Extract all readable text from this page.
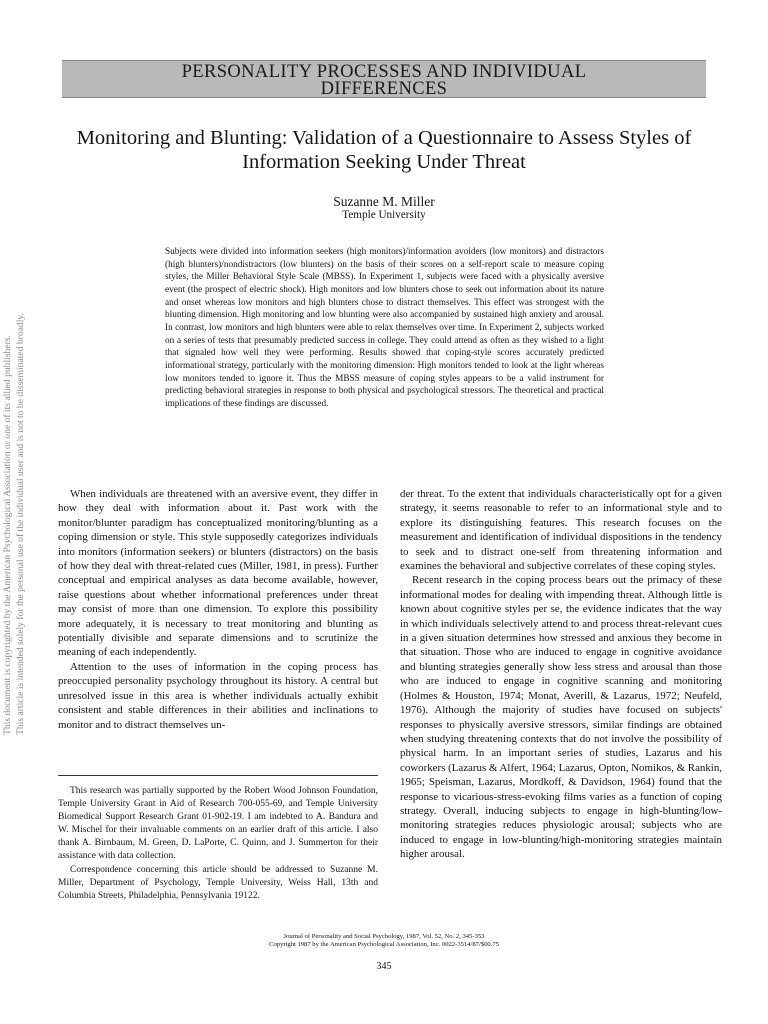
PERSONALITY PROCESSES AND INDIVIDUAL
DIFFERENCES
Monitoring and Blunting: Validation of a Questionnaire to Assess Styles of Information Seeking Under Threat
Suzanne M. Miller
Temple University

Subjects were divided into information seekers (high monitors)/information avoiders (low monitors) and distractors (high blunters)/nondistractors (low blunters) on the basis of their scores on a self-report scale to measure coping styles, the Miller Behavioral Style Scale (MBSS). In Experiment 1, subjects were faced with a physically aversive event (the prospect of electric shock). High monitors and low blunters chose to seek out information about its nature and onset whereas low monitors and high blunters chose to distract themselves. This effect was strongest with the blunting dimension. High monitoring and low blunting were also accompanied by sustained high anxiety and arousal. In contrast, low monitors and high blunters were able to relax themselves over time. In Experiment 2, subjects worked on a series of tests that presumably predicted success in college. They could attend as often as they wished to a light that signaled how well they were performing. Results showed that coping-style scores accurately predicted informational strategy, particularly with the monitoring dimension: High monitors tended to look at the light whereas low monitors tended to ignore it. Thus the MBSS measure of coping styles appears to be a valid instrument for predicting behavioral strategies in response to both physical and psychological stressors. The theoretical and practical implications of these findings are discussed.

When individuals are threatened with an aversive event, they differ in how they deal with information about it. Past work with the monitor/blunter paradigm has conceptualized monitoring/blunting as a coping dimension or style. This style supposedly categorizes individuals into monitors (information seekers) or blunters (distractors) on the basis of how they deal with threat-related cues (Miller, 1981, in press). Further conceptual and empirical analyses as data become available, however, raise questions about whether informational preferences under threat may consist of more than one dimension. To explore this possibility more adequately, it is necessary to treat monitoring and blunting as potentially divisible and separate dimensions and to scrutinize the meaning of each independently.

Attention to the uses of information in the coping process has preoccupied personality psychology throughout its history. A central but unresolved issue in this area is whether individuals actually exhibit consistent and stable differences in their abilities and inclinations to monitor and to distract themselves un-

der threat. To the extent that individuals characteristically opt for a given strategy, it seems reasonable to refer to an informational style and to explore its distinguishing features. This research focuses on the measurement and identification of individual dispositions in the tendency to seek and to distract one-self from threatening information and examines the behavioral and subjective correlates of these coping styles.

Recent research in the coping process bears out the primacy of these informational modes for dealing with impending threat. Although little is known about cognitive styles per se, the evidence indicates that the way in which individuals selectively attend to and process threat-relevant cues in a given situation determines how stressed and anxious they become in that situation. Those who are induced to engage in cognitive avoidance and blunting strategies generally show less stress and arousal than those who are induced to engage in cognitive scanning and monitoring (Holmes & Houston, 1974; Monat, Averill, & Lazarus, 1972; Neufeld, 1976). Although the majority of studies have focused on subjects' responses to physically aversive stressors, similar findings are obtained when studying threatening contexts that do not involve the possibility of physical harm. In an important series of studies, Lazarus and his coworkers (Lazarus & Alfert, 1964; Lazarus, Opton, Nomikos, & Rankin, 1965; Speisman, Lazarus, Mordkoff, & Davidson, 1964) found that the response to vicarious-stress-evoking films varies as a function of coping strategy. Overall, inducing subjects to engage in high-blunting/low-monitoring strategies reduces physiologic arousal; subjects who are induced to engage in low-blunting/high-monitoring strategies maintain higher arousal.

This research was partially supported by the Robert Wood Johnson Foundation, Temple University Grant in Aid of Research 700-055-69, and Temple University Biomedical Support Research Grant 01-902-19. I am indebted to A. Bandura and W. Mischel for their invaluable comments on an earlier draft of this article. I also thank A. Birnbaum, M. Green, D. LaPorte, C. Quinn, and J. Summerton for their assistance with data collection.

Correspondence concerning this article should be addressed to Suzanne M. Miller, Department of Psychology, Temple University, Weiss Hall, 13th and Columbia Streets, Philadelphia, Pennsylvania 19122.

Journal of Personality and Social Psychology, 1987, Vol. 52, No. 2, 345-353
Copyright 1987 by the American Psychological Association, Inc. 0022-3514/87/$00.75
345
This document is copyrighted by the American Psychological Association or one of its allied publishers. This article is intended solely for the personal use of the individual user and is not to be disseminated broadly.
